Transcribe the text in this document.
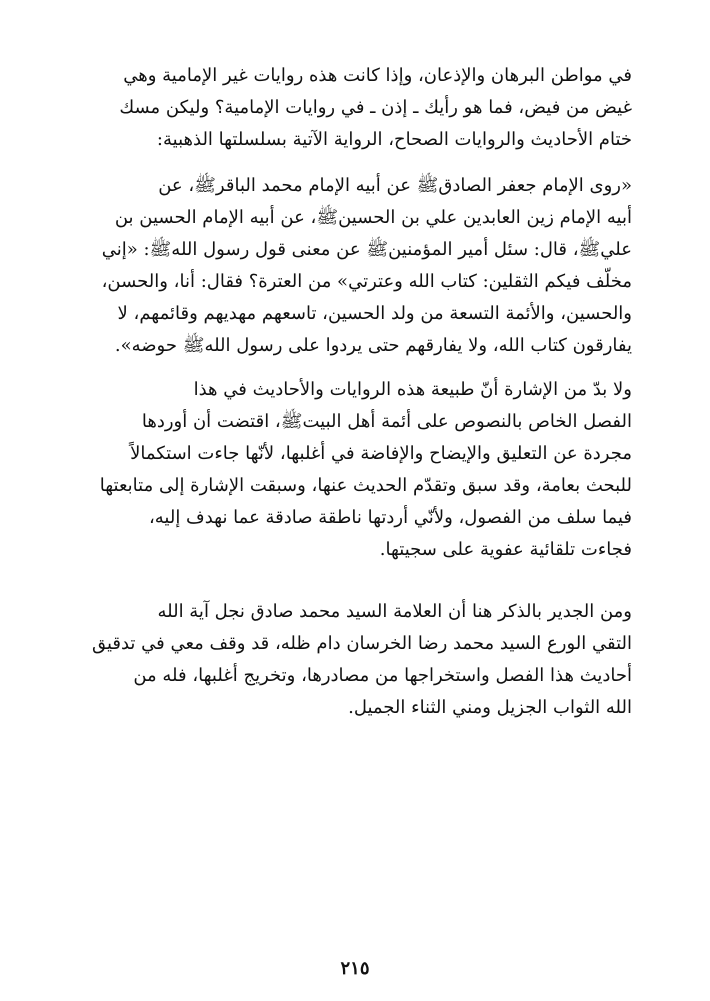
في مواطن البرهان والإذعان، وإذا كانت هذه روايات غير الإمامية وهي
غيض من فيض، فما هو رأيك ـ إذن ـ في روايات الإمامية؟ وليكن مسك
ختام الأحاديث والروايات الصحاح، الرواية الآتية بسلسلتها الذهبية:
«روى الإمام جعفر الصادقﷺ عن أبيه الإمام محمد الباقرﷺ، عن
أبيه الإمام زين العابدين علي بن الحسينﷺ، عن أبيه الإمام الحسين بن
عليﷺ، قال: سئل أمير المؤمنينﷺ عن معنى قول رسول اللهﷺ: «إني
مخلّف فيكم الثقلين: كتاب الله وعترتي» من العترة؟ فقال: أنا، والحسن،
والحسين، والأئمة التسعة من ولد الحسين، تاسعهم مهديهم وقائمهم، لا
يفارقون كتاب الله، ولا يفارقهم حتى يردوا على رسول اللهﷺ حوضه».
ولا بدّ من الإشارة أنّ طبيعة هذه الروايات والأحاديث في هذا
الفصل الخاص بالنصوص على أئمة أهل البيتﷺ، اقتضت أن أوردها
مجردة عن التعليق والإيضاح والإفاضة في أغلبها، لأنّها جاءت استكمالاً
للبحث بعامة، وقد سبق وتقدّم الحديث عنها، وسبقت الإشارة إلى متابعتها
فيما سلف من الفصول، ولأنّي أردتها ناطقة صادقة عما نهدف إليه،
فجاءت تلقائية عفوية على سجيتها.
ومن الجدير بالذكر هنا أن العلامة السيد محمد صادق نجل آية الله
التقي الورع السيد محمد رضا الخرسان دام ظله، قد وقف معي في تدقيق
أحاديث هذا الفصل واستخراجها من مصادرها، وتخريج أغلبها، فله من
الله الثواب الجزيل ومني الثناء الجميل.
٢١٥
